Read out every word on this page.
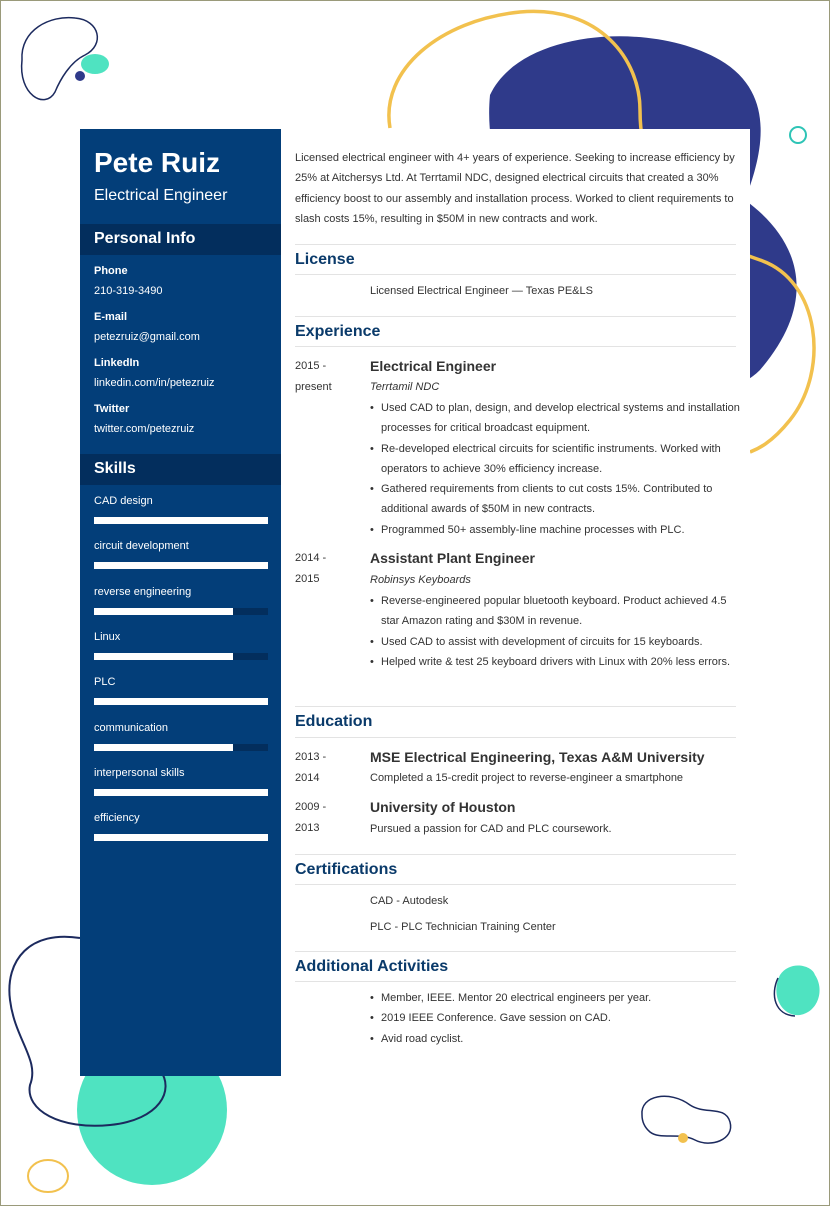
Pete Ruiz
Electrical Engineer
Personal Info
Phone
210-319-3490
E-mail
petezruiz@gmail.com
LinkedIn
linkedin.com/in/petezruiz
Twitter
twitter.com/petezruiz
Skills
CAD design
circuit development
reverse engineering
Linux
PLC
communication
interpersonal skills
efficiency
Licensed electrical engineer with 4+ years of experience. Seeking to increase efficiency by 25% at Aitchersys Ltd. At Terrtamil NDC, designed electrical circuits that created a 30% efficiency boost to our assembly and installation process. Worked to client requirements to slash costs 15%, resulting in $50M in new contracts and work.
License
Licensed Electrical Engineer — Texas PE&LS
Experience
2015 -
present
Electrical Engineer
Terrtamil NDC
• Used CAD to plan, design, and develop electrical systems and installation processes for critical broadcast equipment.
• Re-developed electrical circuits for scientific instruments. Worked with operators to achieve 30% efficiency increase.
• Gathered requirements from clients to cut costs 15%. Contributed to additional awards of $50M in new contracts.
• Programmed 50+ assembly-line machine processes with PLC.
2014 -
2015
Assistant Plant Engineer
Robinsys Keyboards
• Reverse-engineered popular bluetooth keyboard. Product achieved 4.5 star Amazon rating and $30M in revenue.
• Used CAD to assist with development of circuits for 15 keyboards.
• Helped write & test 25 keyboard drivers with Linux with 20% less errors.
Education
2013 -
2014
MSE Electrical Engineering, Texas A&M University
Completed a 15-credit project to reverse-engineer a smartphone
2009 -
2013
University of Houston
Pursued a passion for CAD and PLC coursework.
Certifications
CAD - Autodesk
PLC - PLC Technician Training Center
Additional Activities
• Member, IEEE. Mentor 20 electrical engineers per year.
• 2019 IEEE Conference. Gave session on CAD.
• Avid road cyclist.
